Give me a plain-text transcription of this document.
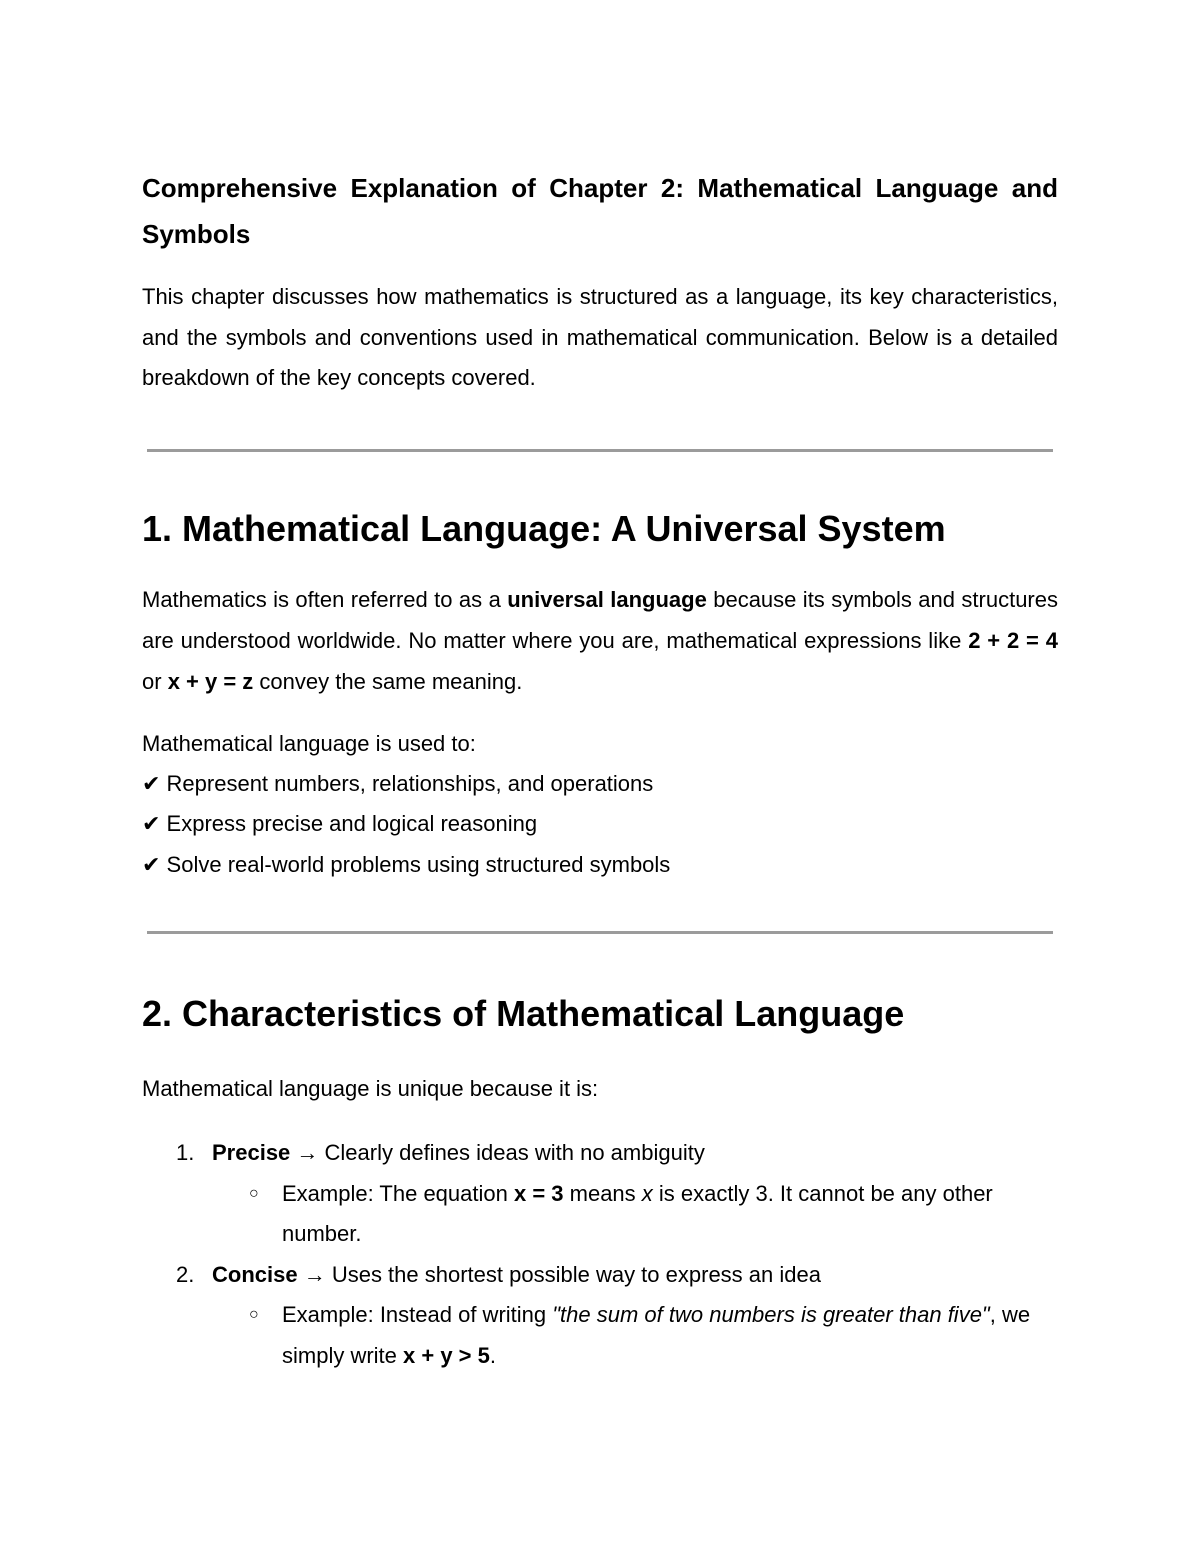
Comprehensive Explanation of Chapter 2: Mathematical Language and Symbols

This chapter discusses how mathematics is structured as a language, its key characteristics, and the symbols and conventions used in mathematical communication. Below is a detailed breakdown of the key concepts covered.

1. Mathematical Language: A Universal System

Mathematics is often referred to as a universal language because its symbols and structures are understood worldwide. No matter where you are, mathematical expressions like 2 + 2 = 4 or x + y = z convey the same meaning.

Mathematical language is used to:

✔ Represent numbers, relationships, and operations
✔ Express precise and logical reasoning
✔ Solve real-world problems using structured symbols
2. Characteristics of Mathematical Language

Mathematical language is unique because it is:

1. Precise → Clearly defines ideas with no ambiguity
○ Example: The equation x = 3 means x is exactly 3. It cannot be any other number.
2. Concise → Uses the shortest possible way to express an idea
○ Example: Instead of writing "the sum of two numbers is greater than five", we simply write x + y > 5.
